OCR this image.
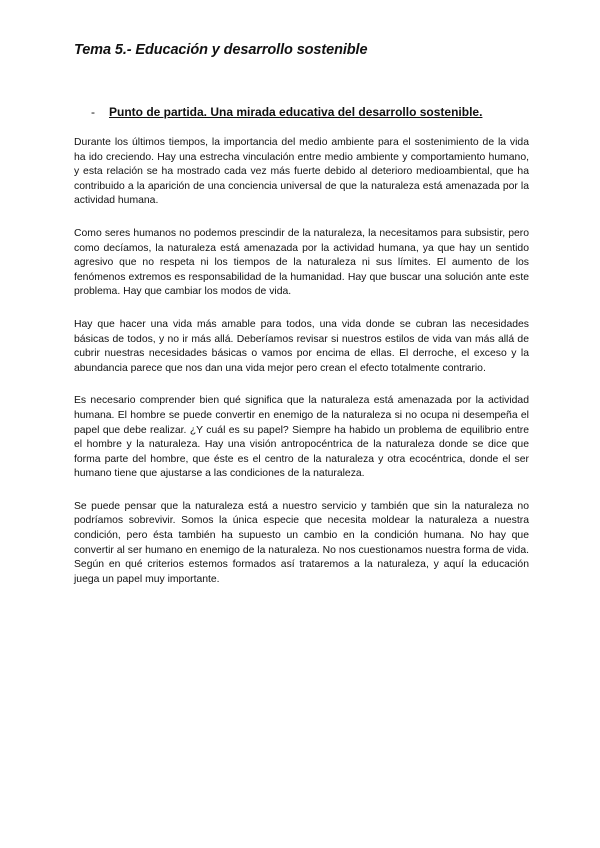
Tema 5.- Educación y desarrollo sostenible
-	Punto de partida. Una mirada educativa del desarrollo sostenible.

Durante los últimos tiempos, la importancia del medio ambiente para el sostenimiento de la vida ha ido creciendo. Hay una estrecha vinculación entre medio ambiente y comportamiento humano, y esta relación se ha mostrado cada vez más fuerte debido al deterioro medioambiental, que ha contribuido a la aparición de una conciencia universal de que la naturaleza está amenazada por la actividad humana.

Como seres humanos no podemos prescindir de la naturaleza, la necesitamos para subsistir, pero como decíamos, la naturaleza está amenazada por la actividad humana, ya que hay un sentido agresivo que no respeta ni los tiempos de la naturaleza ni sus límites. El aumento de los fenómenos extremos es responsabilidad de la humanidad. Hay que buscar una solución ante este problema. Hay que cambiar los modos de vida.

Hay que hacer una vida más amable para todos, una vida donde se cubran las necesidades básicas de todos, y no ir más allá. Deberíamos revisar si nuestros estilos de vida van más allá de cubrir nuestras necesidades básicas o vamos por encima de ellas. El derroche, el exceso y la abundancia parece que nos dan una vida mejor pero crean el efecto totalmente contrario.

Es necesario comprender bien qué significa que la naturaleza está amenazada por la actividad humana. El hombre se puede convertir en enemigo de la naturaleza si no ocupa ni desempeña el papel que debe realizar. ¿Y cuál es su papel? Siempre ha habido un problema de equilibrio entre el hombre y la naturaleza. Hay una visión antropocéntrica de la naturaleza donde se dice que forma parte del hombre, que éste es el centro de la naturaleza y otra ecocéntrica, donde el ser humano tiene que ajustarse a las condiciones de la naturaleza.

Se puede pensar que la naturaleza está a nuestro servicio y también que sin la naturaleza no podríamos sobrevivir. Somos la única especie que necesita moldear la naturaleza a nuestra condición, pero ésta también ha supuesto un cambio en la condición humana. No hay que convertir al ser humano en enemigo de la naturaleza. No nos cuestionamos nuestra forma de vida. Según en qué criterios estemos formados así trataremos a la naturaleza, y aquí la educación juega un papel muy importante.
